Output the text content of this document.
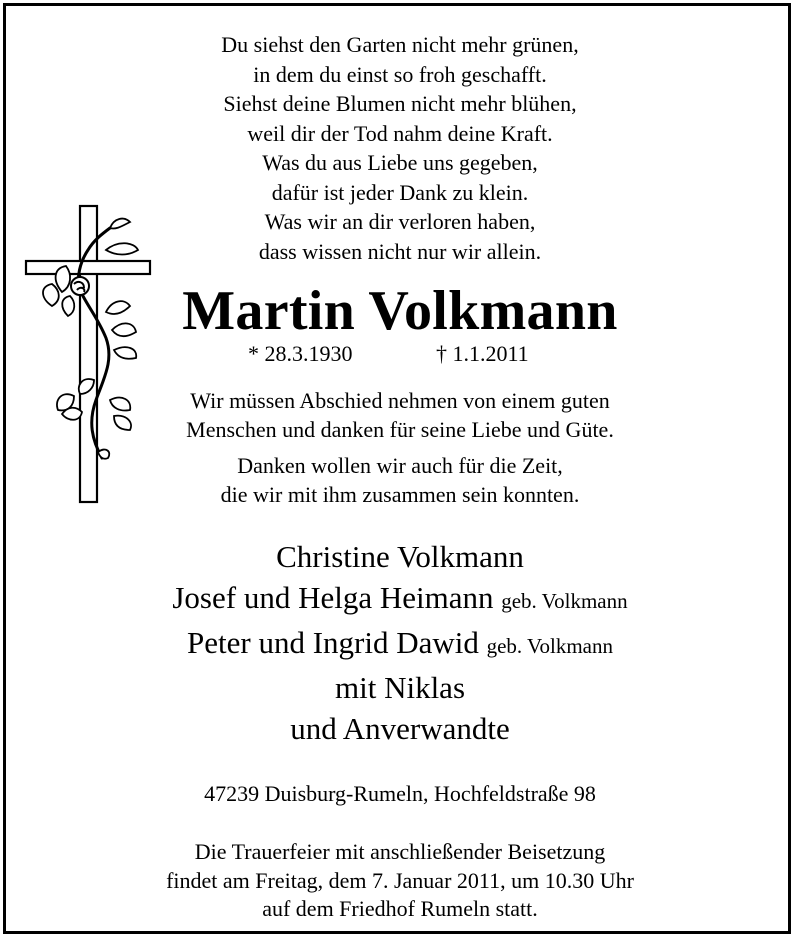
Du siehst den Garten nicht mehr grünen,
in dem du einst so froh geschafft.
Siehst deine Blumen nicht mehr blühen,
weil dir der Tod nahm deine Kraft.
Was du aus Liebe uns gegeben,
dafür ist jeder Dank zu klein.
Was wir an dir verloren haben,
dass wissen nicht nur wir allein.
Martin Volkmann
* 28.3.1930	† 1.1.2011
Wir müssen Abschied nehmen von einem guten
Menschen und danken für seine Liebe und Güte.
Danken wollen wir auch für die Zeit,
die wir mit ihm zusammen sein konnten.
Christine Volkmann
Josef und Helga Heimann geb. Volkmann
Peter und Ingrid Dawid geb. Volkmann
mit Niklas
und Anverwandte
47239 Duisburg-Rumeln, Hochfeldstraße 98
Die Trauerfeier mit anschließender Beisetzung
findet am Freitag, dem 7. Januar 2011, um 10.30 Uhr
auf dem Friedhof Rumeln statt.
